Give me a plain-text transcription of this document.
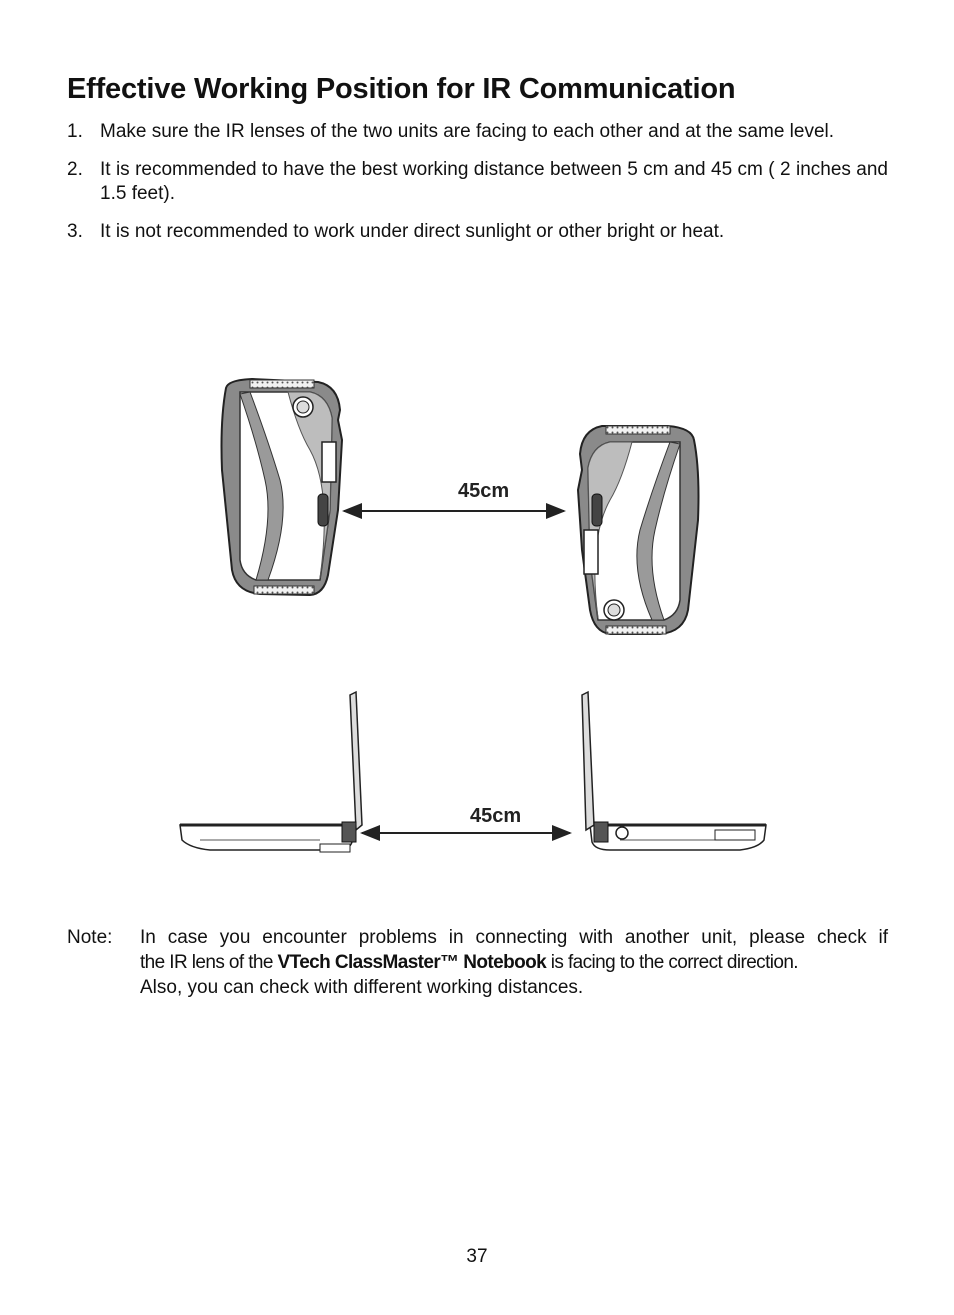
Effective Working Position for IR Communication
1. Make sure the IR lenses of the two units are facing to each other and at the same level.
2. It is recommended to have the best working distance between 5 cm and 45 cm ( 2 inches and 1.5 feet).
3. It is not recommended to work under direct sunlight or other bright or heat.
45cm
45cm
Note: In case you encounter problems in connecting with another unit, please check if
the IR lens of the VTech ClassMaster™ Notebook is facing to the correct direction.
Also, you can check with different working distances.
37
